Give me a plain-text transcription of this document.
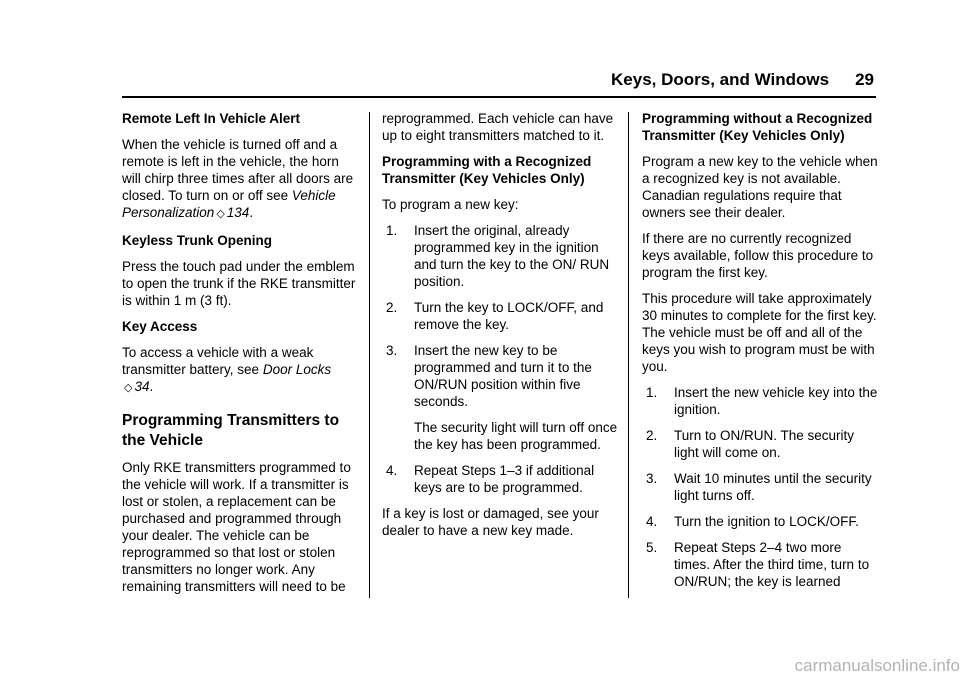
Keys, Doors, and Windows 29

Remote Left In Vehicle Alert

When the vehicle is turned off and a remote is left in the vehicle, the horn will chirp three times after all doors are closed. To turn on or off see Vehicle Personalization ◇ 134.

Keyless Trunk Opening

Press the touch pad under the emblem to open the trunk if the RKE transmitter is within 1 m (3 ft).

Key Access

To access a vehicle with a weak transmitter battery, see Door Locks
◇ 34.

Programming Transmitters to the Vehicle

Only RKE transmitters programmed to the vehicle will work. If a transmitter is lost or stolen, a replacement can be purchased and programmed through your dealer. The vehicle can be reprogrammed so that lost or stolen transmitters no longer work. Any remaining transmitters will need to be

reprogrammed. Each vehicle can have up to eight transmitters matched to it.

Programming with a Recognized Transmitter (Key Vehicles Only)

To program a new key:

1. Insert the original, already programmed key in the ignition and turn the key to the ON/ RUN position.
2. Turn the key to LOCK/OFF, and remove the key.
3. Insert the new key to be programmed and turn it to the ON/RUN position within five seconds.
The security light will turn off once the key has been programmed.
4. Repeat Steps 1–3 if additional keys are to be programmed.

If a key is lost or damaged, see your dealer to have a new key made.

Programming without a Recognized Transmitter (Key Vehicles Only)

Program a new key to the vehicle when a recognized key is not available. Canadian regulations require that owners see their dealer.

If there are no currently recognized keys available, follow this procedure to program the first key.

This procedure will take approximately 30 minutes to complete for the first key. The vehicle must be off and all of the keys you wish to program must be with you.

1. Insert the new vehicle key into the ignition.
2. Turn to ON/RUN. The security light will come on.
3. Wait 10 minutes until the security light turns off.
4. Turn the ignition to LOCK/OFF.
5. Repeat Steps 2–4 two more times. After the third time, turn to ON/RUN; the key is learned
carmanualsonline.info
